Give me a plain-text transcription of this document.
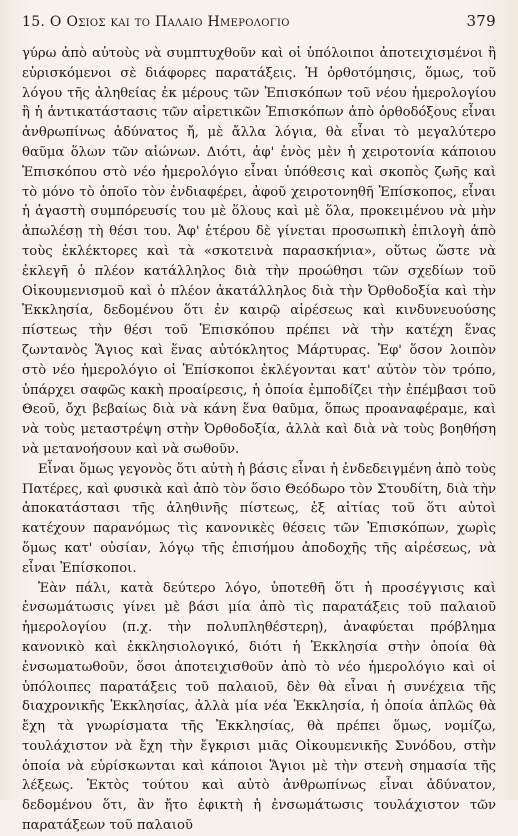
15. Ο Οσιος και το Παλαιο Ημερολογιο	379

γύρω ἀπὸ αὐτοὺς νὰ συμπτυχθοῦν καὶ οἱ ὑπόλοιποι ἀποτειχισμένοι ἢ εὑρισκόμενοι σὲ διάφορες παρατάξεις. Ἡ ὀρθοτόμησις, ὅμως, τοῦ λόγου τῆς ἀληθείας ἐκ μέρους τῶν Ἐπισκόπων τοῦ νέου ἡμερολογίου ἢ ἡ ἀντικατάστασις τῶν αἱρετικῶν Ἐπισκόπων ἀπὸ ὀρθοδόξους εἶναι ἀνθρωπίνως ἀδύνατος ἤ, μὲ ἄλλα λόγια, θὰ εἶναι τὸ μεγαλύτερο θαῦμα ὅλων τῶν αἰώνων. Διότι, ἀφ' ἑνὸς μὲν ἡ χειροτονία κάποιου Ἐπισκόπου στὸ νέο ἡμερολόγιο εἶναι ὑπόθεσις καὶ σκοπὸς ζωῆς καὶ τὸ μόνο τὸ ὁποῖο τὸν ἐνδιαφέρει, ἀφοῦ χειροτονηθῆ Ἐπίσκοπος, εἶναι ἡ ἀγαστὴ συμπόρευσίς του μὲ ὅλους καὶ μὲ ὅλα, προκειμένου νὰ μὴν ἀπωλέσῃ τὴ θέσι του. Ἀφ' ἑτέρου δὲ γίνεται προσωπικὴ ἐπιλογὴ ἀπὸ τοὺς ἐκλέκτορες καὶ τὰ «σκοτεινὰ παρασκήνια», οὕτως ὥστε νὰ ἐκλεγῆ ὁ πλέον κατάλληλος διὰ τὴν προώθησι τῶν σχεδίων τοῦ Οἰκουμενισμοῦ καὶ ὁ πλέον ἀκατάλληλος διὰ τὴν Ὀρθοδοξία καὶ τὴν Ἐκκλησία, δεδομένου ὅτι ἐν καιρῷ αἱρέσεως καὶ κινδυνευούσης πίστεως τὴν θέσι τοῦ Ἐπισκόπου πρέπει νὰ τὴν κατέχη ἕνας ζωντανὸς Ἅγιος καὶ ἕνας αὐτόκλητος Μάρτυρας. Ἐφ' ὅσον λοιπὸν στὸ νέο ἡμερολόγιο οἱ Ἐπίσκοποι ἐκλέγονται κατ' αὐτὸν τὸν τρόπο, ὑπάρχει σαφῶς κακὴ προαίρεσις, ἡ ὁποία ἐμποδίζει τὴν ἐπέμβασι τοῦ Θεοῦ, ὄχι βεβαίως διὰ νὰ κάνη ἕνα θαῦμα, ὅπως προαναφέραμε, καὶ νὰ τοὺς μεταστρέψη στὴν Ὀρθοδοξία, ἀλλὰ καὶ διὰ νὰ τοὺς βοηθήση νὰ μετανοήσουν καὶ νὰ σωθοῦν.

Εἶναι ὅμως γεγονὸς ὅτι αὐτὴ ἡ βάσις εἶναι ἡ ἐνδεδειγμένη ἀπὸ τοὺς Πατέρες, καὶ φυσικὰ καὶ ἀπὸ τὸν ὅσιο Θεόδωρο τὸν Στουδίτη, διὰ τὴν ἀποκατάστασι τῆς ἀληθινῆς πίστεως, ἐξ αἰτίας τοῦ ὅτι αὐτοὶ κατέχουν παρανόμως τὶς κανονικὲς θέσεις τῶν Ἐπισκόπων, χωρὶς ὅμως κατ' οὐσίαν, λόγῳ τῆς ἐπισήμου ἀποδοχῆς τῆς αἱρέσεως, νὰ εἶναι Ἐπίσκοποι.

Ἐὰν πάλι, κατὰ δεύτερο λόγο, ὑποτεθῆ ὅτι ἡ προσέγγισις καὶ ἐνσωμάτωσις γίνει μὲ βάσι μία ἀπὸ τὶς παρατάξεις τοῦ παλαιοῦ ἡμερολογίου (π.χ. τὴν πολυπληθέστερη), ἀναφύεται πρόβλημα κανονικὸ καὶ ἐκκλησιολογικό, διότι ἡ Ἐκκλησία στὴν ὁποία θὰ ἐνσωματωθοῦν, ὅσοι ἀποτειχισθοῦν ἀπὸ τὸ νέο ἡμερολόγιο καὶ οἱ ὑπόλοιπες παρατάξεις τοῦ παλαιοῦ, δὲν θὰ εἶναι ἡ συνέχεια τῆς διαχρονικῆς Ἐκκλησίας, ἀλλὰ μία νέα Ἐκκλησία, ἡ ὁποία ἁπλῶς θὰ ἔχη τὰ γνωρίσματα τῆς Ἐκκλησίας, θὰ πρέπει ὅμως, νομίζω, τουλάχιστον νὰ ἔχη τὴν ἔγκρισι μιᾶς Οἰκουμενικῆς Συνόδου, στὴν ὁποία νὰ εὑρίσκωνται καὶ κάποιοι Ἅγιοι μὲ τὴν στενὴ σημασία τῆς λέξεως. Ἐκτὸς τούτου καὶ αὐτὸ ἀνθρωπίνως εἶναι ἀδύνατον, δεδομένου ὅτι, ἂν ἤτο ἐφικτὴ ἡ ἐνσωμάτωσις τουλάχιστον τῶν παρατάξεων τοῦ παλαιοῦ
